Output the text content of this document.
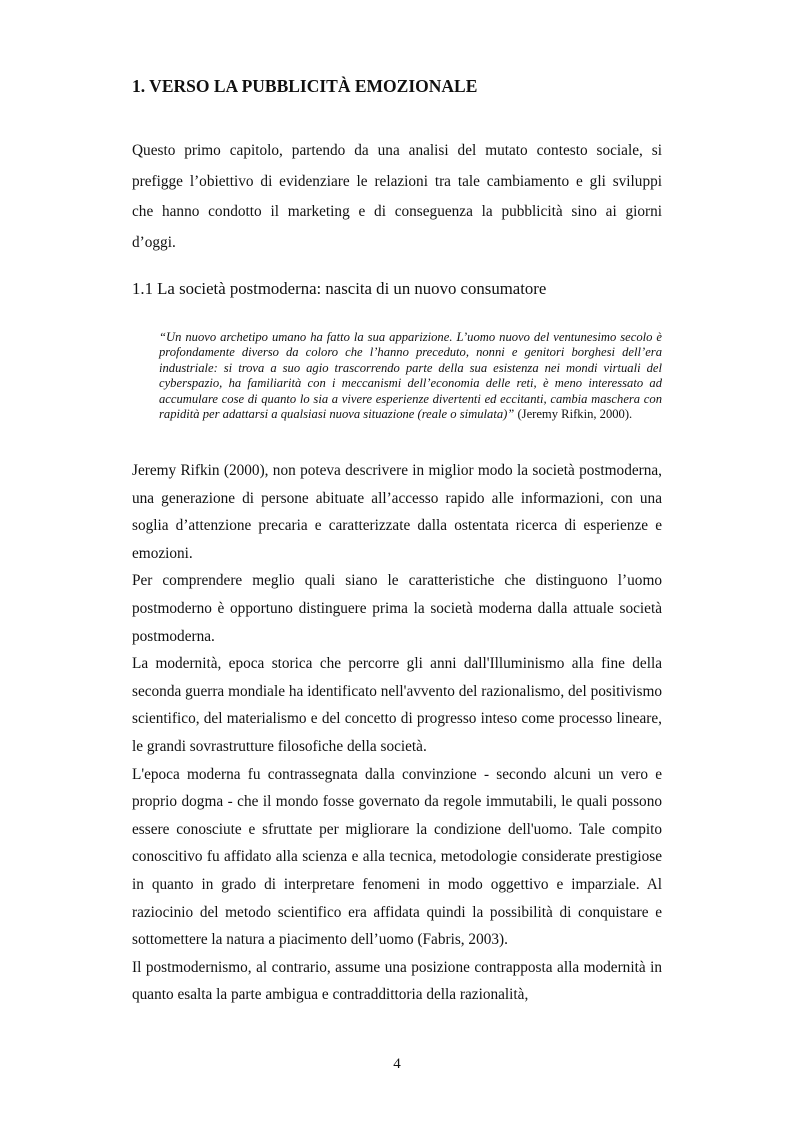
1. VERSO LA PUBBLICITÀ EMOZIONALE

Questo primo capitolo, partendo da una analisi del mutato contesto sociale, si prefigge l’obiettivo di evidenziare le relazioni tra tale cambiamento e gli sviluppi che hanno condotto il marketing e di conseguenza la pubblicità sino ai giorni d’oggi.

1.1 La società postmoderna: nascita di un nuovo consumatore
“Un nuovo archetipo umano ha fatto la sua apparizione. L’uomo nuovo del ventunesimo secolo è profondamente diverso da coloro che l’hanno preceduto, nonni e genitori borghesi dell’era industriale: si trova a suo agio trascorrendo parte della sua esistenza nei mondi virtuali del cyberspazio, ha familiarità con i meccanismi dell’economia delle reti, è meno interessato ad accumulare cose di quanto lo sia a vivere esperienze divertenti ed eccitanti, cambia maschera con rapidità per adattarsi a qualsiasi nuova situazione (reale o simulata)” (Jeremy Rifkin, 2000).

Jeremy Rifkin (2000), non poteva descrivere in miglior modo la società postmoderna, una generazione di persone abituate all’accesso rapido alle informazioni, con una soglia d’attenzione precaria e caratterizzate dalla ostentata ricerca di esperienze e emozioni.

Per comprendere meglio quali siano le caratteristiche che distinguono l’uomo postmoderno è opportuno distinguere prima la società moderna dalla attuale società postmoderna.

La modernità, epoca storica che percorre gli anni dall'Illuminismo alla fine della seconda guerra mondiale ha identificato nell'avvento del razionalismo, del positivismo scientifico, del materialismo e del concetto di progresso inteso come processo lineare, le grandi sovrastrutture filosofiche della società.

L'epoca moderna fu contrassegnata dalla convinzione - secondo alcuni un vero e proprio dogma - che il mondo fosse governato da regole immutabili, le quali possono essere conosciute e sfruttate per migliorare la condizione dell'uomo. Tale compito conoscitivo fu affidato alla scienza e alla tecnica, metodologie considerate prestigiose in quanto in grado di interpretare fenomeni in modo oggettivo e imparziale. Al raziocinio del metodo scientifico era affidata quindi la possibilità di conquistare e sottomettere la natura a piacimento dell’uomo (Fabris, 2003).

Il postmodernismo, al contrario, assume una posizione contrapposta alla modernità in quanto esalta la parte ambigua e contraddittoria della razionalità,

4
